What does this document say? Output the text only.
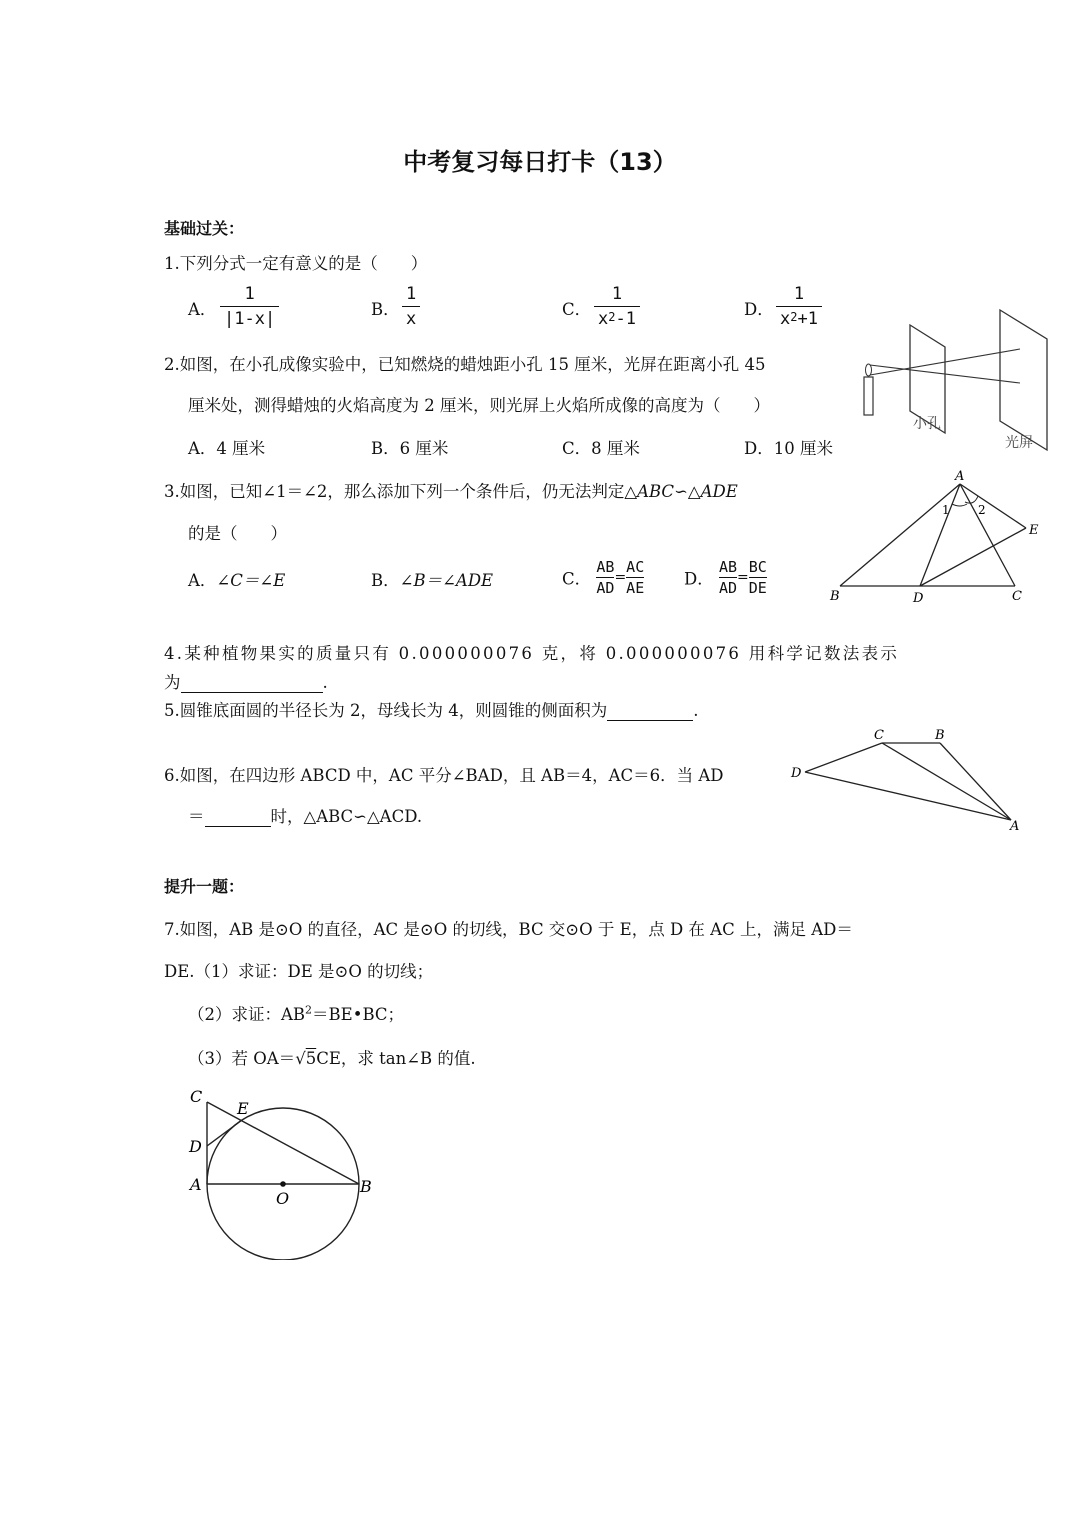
中考复习每日打卡（13）
基础过关：
1.下列分式一定有意义的是（　　）
A．
1
|1-x|	B．
1
x	C．
1
$x^2-1$	D．
1
$x^2+1$
2.如图，在小孔成像实验中，已知燃烧的蜡烛距小孔 15 厘米，光屏在距离小孔 45
厘米处，测得蜡烛的火焰高度为 2 厘米，则光屏上火焰所成像的高度为（　　）
A．4 厘米	B．6 厘米	C．8 厘米	D．10 厘米
小孔
光屏
3.如图，已知∠1＝∠2，那么添加下列一个条件后，仍无法判定△ABC∽△ADE
的是（　　）
A．∠C＝∠E	B．∠B＝∠ADE	C． $\frac{AB}{AD} = \frac{AC}{AE}$ D． $\frac{AB}{AD} = \frac{BC}{DE}$
A
B	C
D
E
1 2
4.某种植物果实的质量只有 0.000000076 克，将 0.000000076 用科学记数法表示
为	.
5.圆锥底面圆的半径长为 2，母线长为 4，则圆锥的侧面积为	.
6.如图，在四边形 ABCD 中，AC 平分∠BAD，且 AB＝4，AC＝6．当 AD
＝	时，△ABC∽△ACD.
D
C	B
A
提升一题：
7.如图，AB 是⊙O 的直径，AC 是⊙O 的切线，BC 交⊙O 于 E，点 D 在 AC 上，满足 AD＝
DE.（1）求证：DE 是⊙O 的切线；
（2）求证：$AB^2=BE•BC$；
（3）若 OA＝√5CE，求 tan∠B 的值.
C
E
D
A
O
B
